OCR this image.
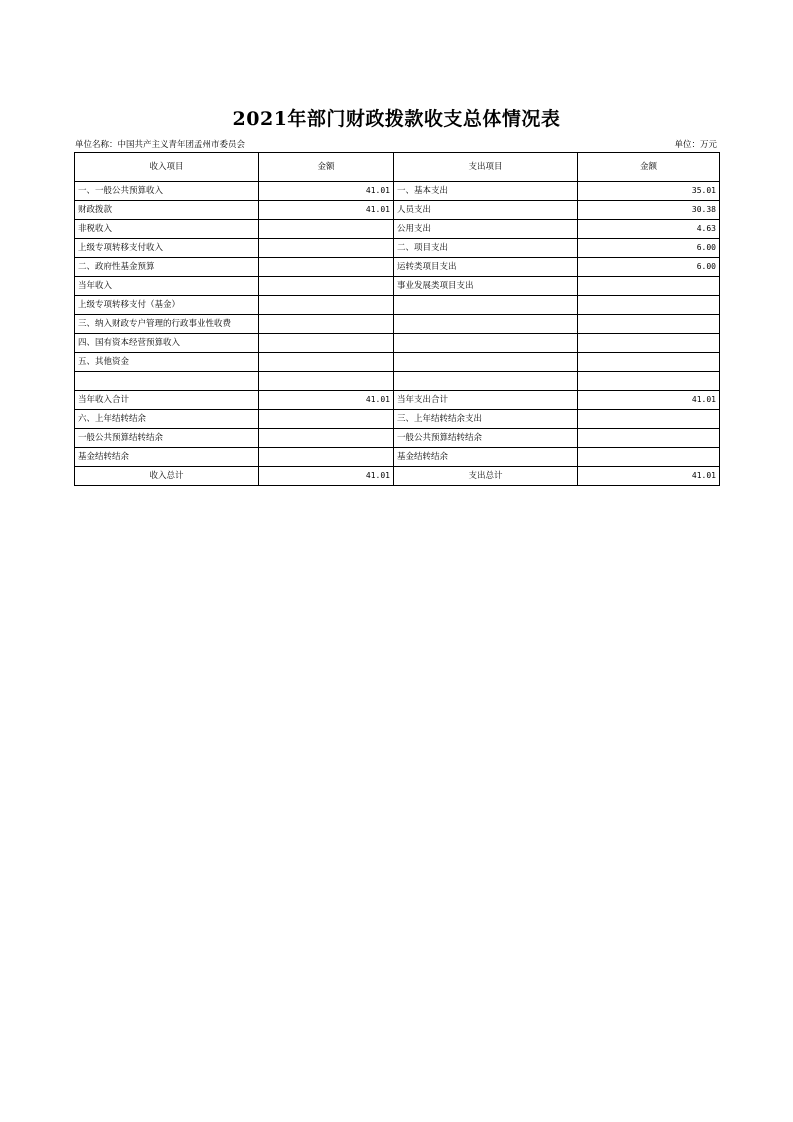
2021年部门财政拨款收支总体情况表
单位名称：中国共产主义青年团孟州市委员会	单位：万元
收入项目	金额	支出项目	金额
一、一般公共预算收入	41.01	一、基本支出	35.01
财政拨款	41.01	人员支出	30.38
非税收入		公用支出	4.63
上级专项转移支付收入		二、项目支出	6.00
二、政府性基金预算		运转类项目支出	6.00
当年收入		事业发展类项目支出	
上级专项转移支付（基金）			
三、纳入财政专户管理的行政事业性收费			
四、国有资本经营预算收入			
五、其他资金			

当年收入合计	41.01	当年支出合计	41.01
六、上年结转结余		三、上年结转结余支出	
一般公共预算结转结余		一般公共预算结转结余	
基金结转结余		基金结转结余	
收入总计	41.01	支出总计	41.01
